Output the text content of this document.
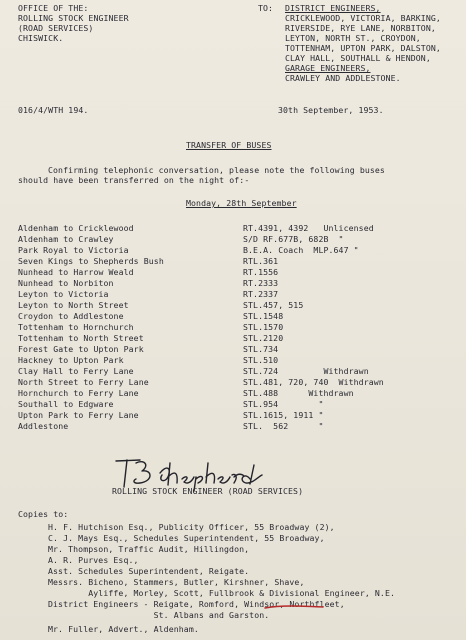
OFFICE OF THE:
ROLLING STOCK ENGINEER
(ROAD SERVICES)
CHISWICK.
TO: DISTRICT ENGINEERS,
CRICKLEWOOD, VICTORIA, BARKING,
RIVERSIDE, RYE LANE, NORBITON,
LEYTON, NORTH ST., CROYDON,
TOTTENHAM, UPTON PARK, DALSTON,
CLAY HALL, SOUTHALL & HENDON,
GARAGE ENGINEERS,
CRAWLEY AND ADDLESTONE.
016/4/WTH 194.	30th September, 1953.
TRANSFER OF BUSES
Confirming telephonic conversation, please note the following buses
should have been transferred on the night of:-
Monday, 28th September
Aldenham to Cricklewood	RT.4391, 4392   Unlicensed
Aldenham to Crawley	S/D RF.677B, 682B  "
Park Royal to Victoria	B.E.A. Coach  MLP.647 "
Seven Kings to Shepherds Bush	RTL.361
Nunhead to Harrow Weald	RT.1556
Nunhead to Norbiton	RT.2333
Leyton to Victoria	RT.2337
Leyton to North Street	STL.457, 515
Croydon to Addlestone	STL.1548
Tottenham to Hornchurch	STL.1570
Tottenham to North Street	STL.2120
Forest Gate to Upton Park	STL.734
Hackney to Upton Park	STL.510
Clay Hall to Ferry Lane	STL.724         Withdrawn
North Street to Ferry Lane	STL.481, 720, 740  Withdrawn
Hornchurch to Ferry Lane	STL.488      Withdrawn
Southall to Edgware	STL.954        "
Upton Park to Ferry Lane	STL.1615, 1911 "
Addlestone	STL.  562      "
ROLLING STOCK ENGINEER (ROAD SERVICES)
Copies to:
H. F. Hutchison Esq., Publicity Officer, 55 Broadway (2),
C. J. Mays Esq., Schedules Superintendent, 55 Broadway,
Mr. Thompson, Traffic Audit, Hillingdon,
A. R. Purves Esq.,
Asst. Schedules Superintendent, Reigate.
Messrs. Bicheno, Stammers, Butler, Kirshner, Shave,
Ayliffe, Morley, Scott, Fullbrook & Divisional Engineer, N.E.
District Engineers - Reigate, Romford, Windsor, Northfleet,
St. Albans and Garston.
Mr. Fuller, Advert., Aldenham.
